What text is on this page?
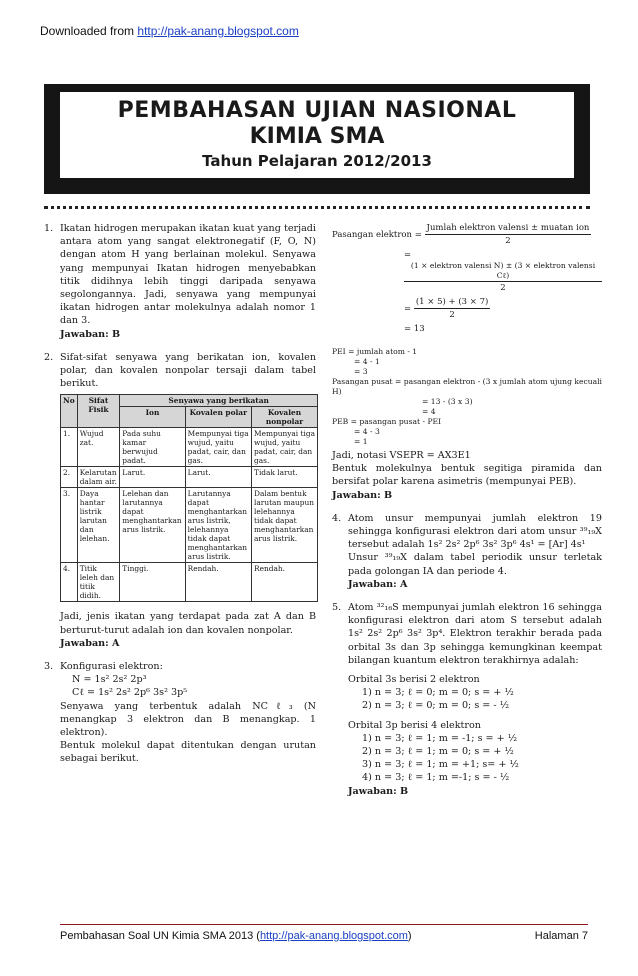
Downloaded from http://pak-anang.blogspot.com
PEMBAHASAN UJIAN NASIONAL
KIMIA SMA
Tahun Pelajaran 2012/2013
1. Ikatan hidrogen merupakan ikatan kuat yang terjadi antara atom yang sangat elektronegatif (F, O, N) dengan atom H yang berlainan molekul. Senyawa yang mempunyai Ikatan hidrogen menyebabkan titik didihnya lebih tinggi daripada senyawa segolongannya. Jadi, senyawa yang mempunyai ikatan hidrogen antar molekulnya adalah nomor 1 dan 3.

Jawaban: B

2. Sifat-sifat senyawa yang berikatan ion, kovalen polar, dan kovalen nonpolar tersaji dalam tabel berikut.

No	Sifat Fisik	Senyawa yang berikatan		
		Ion	Kovalen polar	Kovalen nonpolar
1.	Wujud zat.	Pada suhu kamar berwujud padat.	Mempunyai tiga wujud, yaitu padat, cair, dan gas.	Mempunyai tiga wujud, yaitu padat, cair, dan gas.
2.	Kelarutan dalam air.	Larut.	Larut.	Tidak larut.
3.	Daya hantar listrik larutan dan lelehan.	Lelehan dan larutannya dapat menghantarkan arus listrik.	Larutannya dapat menghantarkan arus listrik, lelehannya tidak dapat menghantarkan arus listrik.	Dalam bentuk larutan maupun lelehannya tidak dapat menghantarkan arus listrik.
4.	Titik leleh dan titik didih.	Tinggi.	Rendah.	Rendah.

Jadi, jenis ikatan yang terdapat pada zat A dan B berturut-turut adalah ion dan kovalen nonpolar.

Jawaban: A

3. Konfigurasi elektron:

N = 1s² 2s² 2p³

Cℓ = 1s² 2s² 2p⁶ 3s² 3p⁵

Senyawa yang terbentuk adalah NCℓ₃ (N menangkap 3 elektron dan B menangkap. 1 elektron).

Bentuk molekul dapat ditentukan dengan urutan sebagai berikut.

Pasangan elektron = $\frac{\text{Jumlah elektron valensi ± muatan ion}}{2}$
=
$\frac{\text{(1 × elektron valensi N) ± (3 × elektron valensi Cℓ)}}{2}$
= $\frac{(1 \times 5) + (3 \times 7)}{2}$
= 13
PEI = jumlah atom - 1
= 4 - 1
= 3
Pasangan pusat = pasangan elektron - (3 x jumlah atom ujung kecuali H)
= 13 - (3 x 3)
= 4
PEB = pasangan pusat - PEI
= 4 - 3
= 1

Jadi, notasi VSEPR = AX3E1

Bentuk molekulnya bentuk segitiga piramida dan bersifat polar karena asimetris (mempunyai PEB).

Jawaban: B

4. Atom unsur mempunyai jumlah elektron 19 sehingga konfigurasi elektron dari atom unsur ³⁹₁₉X tersebut adalah 1s² 2s² 2p⁶ 3s² 3p⁶ 4s¹ = [Ar] 4s¹

Unsur ³⁹₁₉X dalam tabel periodik unsur terletak pada golongan IA dan periode 4.

Jawaban: A

5. Atom ³²₁₆S mempunyai jumlah elektron 16 sehingga konfigurasi elektron dari atom S tersebut adalah 1s² 2s² 2p⁶ 3s² 3p⁴. Elektron terakhir berada pada orbital 3s dan 3p sehingga kemungkinan keempat bilangan kuantum elektron terakhirnya adalah:

Orbital 3s berisi 2 elektron

1) n = 3; ℓ = 0; m = 0; s = + ½

2) n = 3; ℓ = 0; m = 0; s = - ½

Orbital 3p berisi 4 elektron

1) n = 3; ℓ = 1; m = -1; s = + ½

2) n = 3; ℓ = 1; m = 0; s = + ½

3) n = 3; ℓ = 1; m = +1; s= + ½

4) n = 3; ℓ = 1; m =-1; s = - ½

Jawaban: B

Pembahasan Soal UN Kimia SMA 2013 (http://pak-anang.blogspot.com)	Halaman 7
